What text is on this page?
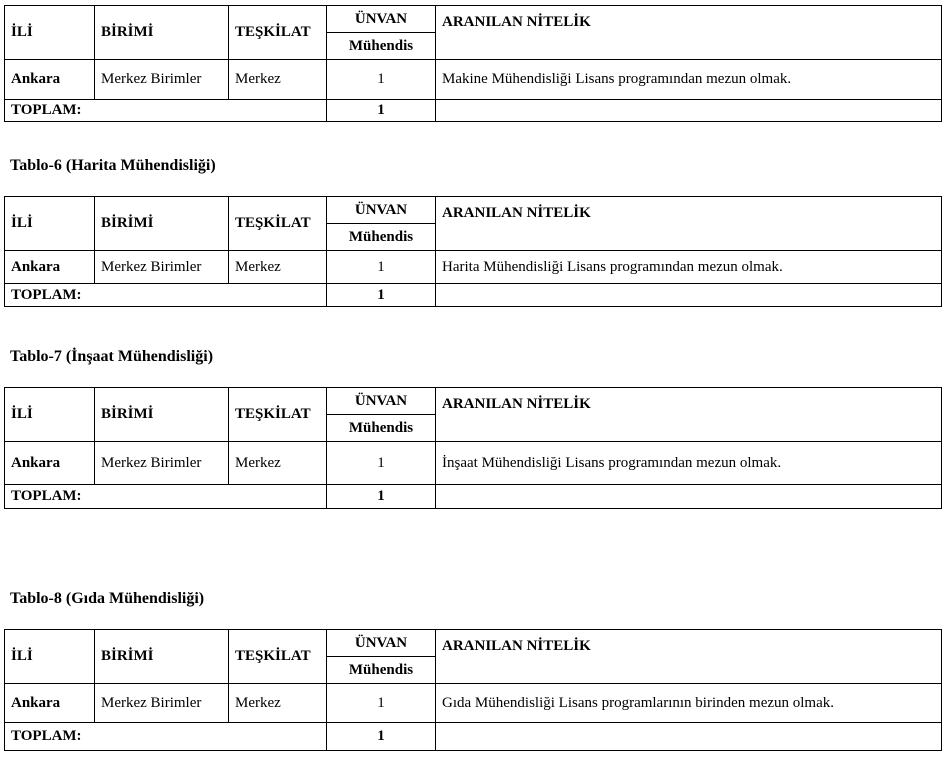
İLİ	BİRİMİ	TEŞKİLAT	ÜNVAN	ARANILAN NİTELİK
			Mühendis	
Ankara	Merkez Birimler	Merkez	1	Makine Mühendisliği Lisans programından mezun olmak.
TOPLAM:			1	

Tablo-6 (Harita Mühendisliği)

İLİ	BİRİMİ	TEŞKİLAT	ÜNVAN	ARANILAN NİTELİK
			Mühendis	
Ankara	Merkez Birimler	Merkez	1	Harita Mühendisliği Lisans programından mezun olmak.
TOPLAM:			1	

Tablo-7 (İnşaat Mühendisliği)

İLİ	BİRİMİ	TEŞKİLAT	ÜNVAN	ARANILAN NİTELİK
			Mühendis	
Ankara	Merkez Birimler	Merkez	1	İnşaat Mühendisliği Lisans programından mezun olmak.
TOPLAM:			1	

Tablo-8 (Gıda Mühendisliği)

İLİ	BİRİMİ	TEŞKİLAT	ÜNVAN	ARANILAN NİTELİK
			Mühendis	
Ankara	Merkez Birimler	Merkez	1	Gıda Mühendisliği Lisans programlarının birinden mezun olmak.
TOPLAM:			1	
